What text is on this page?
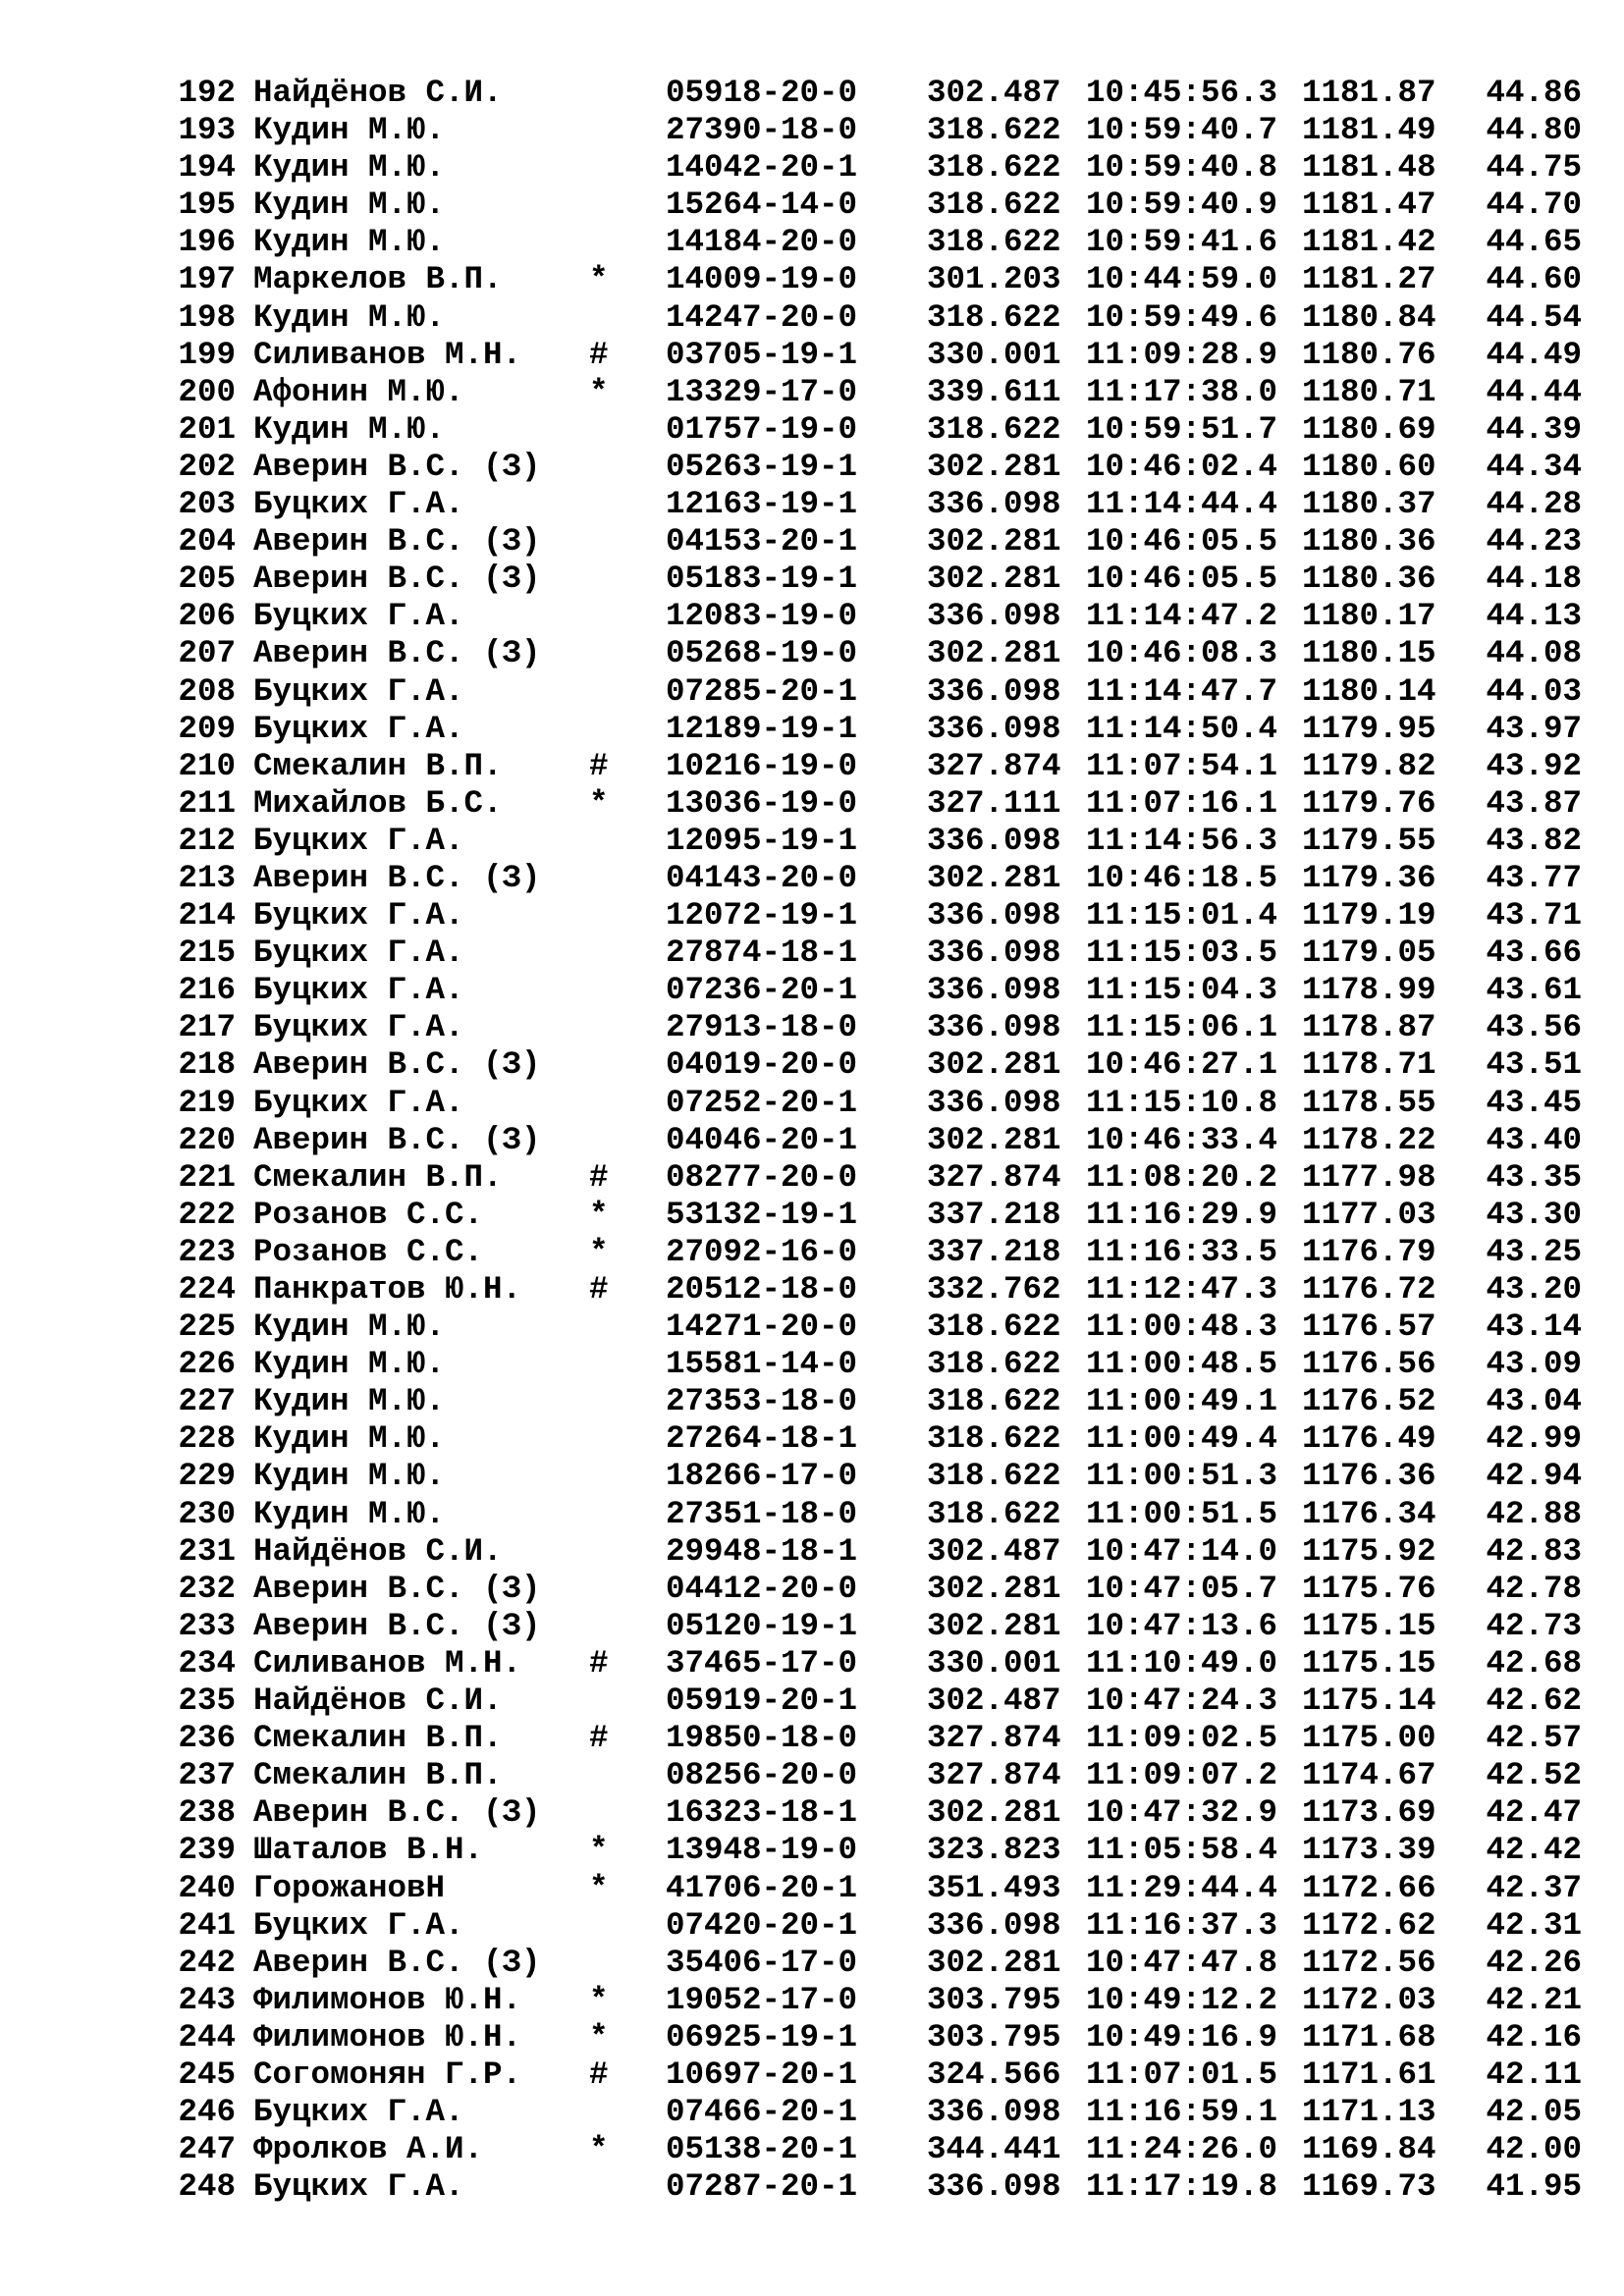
192 Найдёнов С.И.	05918-20-0 302.487 10:45:56.3 1181.87 44.86
193 Кудин М.Ю.	27390-18-0 318.622 10:59:40.7 1181.49 44.80
194 Кудин М.Ю.	14042-20-1 318.622 10:59:40.8 1181.48 44.75
195 Кудин М.Ю.	15264-14-0 318.622 10:59:40.9 1181.47 44.70
196 Кудин М.Ю.	14184-20-0 318.622 10:59:41.6 1181.42 44.65
197 Маркелов В.П.	* 14009-19-0 301.203 10:44:59.0 1181.27 44.60
198 Кудин М.Ю.	14247-20-0 318.622 10:59:49.6 1180.84 44.54
199 Силиванов М.Н. # 03705-19-1 330.001 11:09:28.9 1180.76 44.49
200 Афонин М.Ю.	* 13329-17-0 339.611 11:17:38.0 1180.71 44.44
201 Кудин М.Ю.	01757-19-0 318.622 10:59:51.7 1180.69 44.39
202 Аверин В.С. (З)	05263-19-1 302.281 10:46:02.4 1180.60 44.34
203 Буцких Г.А.	12163-19-1 336.098 11:14:44.4 1180.37 44.28
204 Аверин В.С. (З)	04153-20-1 302.281 10:46:05.5 1180.36 44.23
205 Аверин В.С. (З)	05183-19-1 302.281 10:46:05.5 1180.36 44.18
206 Буцких Г.А.	12083-19-0 336.098 11:14:47.2 1180.17 44.13
207 Аверин В.С. (З)	05268-19-0 302.281 10:46:08.3 1180.15 44.08
208 Буцких Г.А.	07285-20-1 336.098 11:14:47.7 1180.14 44.03
209 Буцких Г.А.	12189-19-1 336.098 11:14:50.4 1179.95 43.97
210 Смекалин В.П.	# 10216-19-0 327.874 11:07:54.1 1179.82 43.92
211 Михайлов Б.С.	* 13036-19-0 327.111 11:07:16.1 1179.76 43.87
212 Буцких Г.А.	12095-19-1 336.098 11:14:56.3 1179.55 43.82
213 Аверин В.С. (З)	04143-20-0 302.281 10:46:18.5 1179.36 43.77
214 Буцких Г.А.	12072-19-1 336.098 11:15:01.4 1179.19 43.71
215 Буцких Г.А.	27874-18-1 336.098 11:15:03.5 1179.05 43.66
216 Буцких Г.А.	07236-20-1 336.098 11:15:04.3 1178.99 43.61
217 Буцких Г.А.	27913-18-0 336.098 11:15:06.1 1178.87 43.56
218 Аверин В.С. (З)	04019-20-0 302.281 10:46:27.1 1178.71 43.51
219 Буцких Г.А.	07252-20-1 336.098 11:15:10.8 1178.55 43.45
220 Аверин В.С. (З)	04046-20-1 302.281 10:46:33.4 1178.22 43.40
221 Смекалин В.П.	# 08277-20-0 327.874 11:08:20.2 1177.98 43.35
222 Розанов С.С.	* 53132-19-1 337.218 11:16:29.9 1177.03 43.30
223 Розанов С.С.	* 27092-16-0 337.218 11:16:33.5 1176.79 43.25
224 Панкратов Ю.Н. # 20512-18-0 332.762 11:12:47.3 1176.72 43.20
225 Кудин М.Ю.	14271-20-0 318.622 11:00:48.3 1176.57 43.14
226 Кудин М.Ю.	15581-14-0 318.622 11:00:48.5 1176.56 43.09
227 Кудин М.Ю.	27353-18-0 318.622 11:00:49.1 1176.52 43.04
228 Кудин М.Ю.	27264-18-1 318.622 11:00:49.4 1176.49 42.99
229 Кудин М.Ю.	18266-17-0 318.622 11:00:51.3 1176.36 42.94
230 Кудин М.Ю.	27351-18-0 318.622 11:00:51.5 1176.34 42.88
231 Найдёнов С.И.	29948-18-1 302.487 10:47:14.0 1175.92 42.83
232 Аверин В.С. (З)	04412-20-0 302.281 10:47:05.7 1175.76 42.78
233 Аверин В.С. (З)	05120-19-1 302.281 10:47:13.6 1175.15 42.73
234 Силиванов М.Н. # 37465-17-0 330.001 11:10:49.0 1175.15 42.68
235 Найдёнов С.И.	05919-20-1 302.487 10:47:24.3 1175.14 42.62
236 Смекалин В.П.	# 19850-18-0 327.874 11:09:02.5 1175.00 42.57
237 Смекалин В.П.	08256-20-0 327.874 11:09:07.2 1174.67 42.52
238 Аверин В.С. (З)	16323-18-1 302.281 10:47:32.9 1173.69 42.47
239 Шаталов В.Н.	* 13948-19-0 323.823 11:05:58.4 1173.39 42.42
240 ГорожановН	* 41706-20-1 351.493 11:29:44.4 1172.66 42.37
241 Буцких Г.А.	07420-20-1 336.098 11:16:37.3 1172.62 42.31
242 Аверин В.С. (З)	35406-17-0 302.281 10:47:47.8 1172.56 42.26
243 Филимонов Ю.Н. * 19052-17-0 303.795 10:49:12.2 1172.03 42.21
244 Филимонов Ю.Н. * 06925-19-1 303.795 10:49:16.9 1171.68 42.16
245 Согомонян Г.Р. # 10697-20-1 324.566 11:07:01.5 1171.61 42.11
246 Буцких Г.А.	07466-20-1 336.098 11:16:59.1 1171.13 42.05
247 Фролков А.И.	* 05138-20-1 344.441 11:24:26.0 1169.84 42.00
248 Буцких Г.А.	07287-20-1 336.098 11:17:19.8 1169.73 41.95
